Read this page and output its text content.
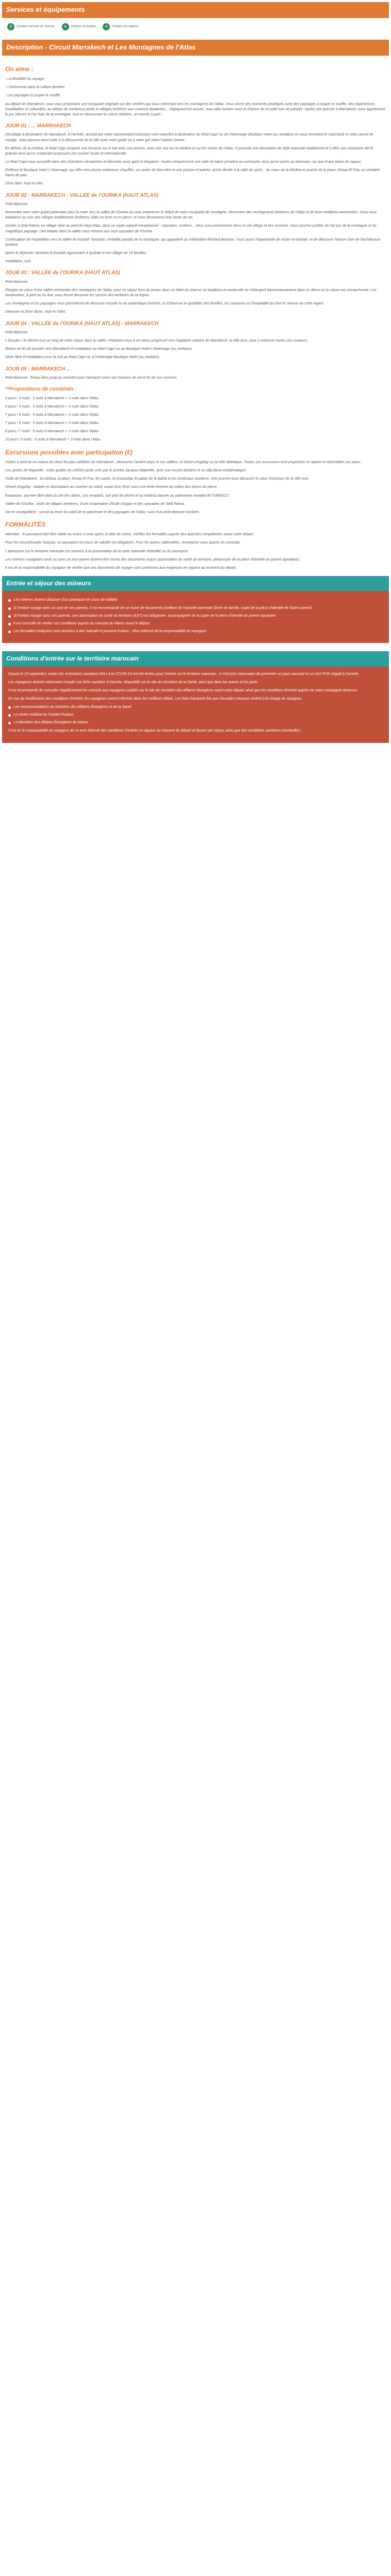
Services et équipements
⚲	Centre remise en forme	✦	Visites incluses	✦	Visites en option
Description - Circuit Marrakech et Les Montagnes de l'Atlas
On aime :

- La flexibilité du voyage

- L'immersion dans la culture berbère

- Les paysages à couper le souffle

Au départ de Marrakech, nous vous proposons une escapade originale sur des sentiers qui vous mèneront vers les montagnes de l'Atlas. Vous vivrez des moments privilégiés avec des paysages à couper le souffle, des expériences inoubliables et culturelles, au détour de nombreux ponts et villages berbères aux couleurs épatantes... Dépaysement assuré, vous allez tomber sous le charme de ce petit coin de paradis ! Après une journée à Marrakech, vous apprécierez le pur silence et l'air frais de la montagne, tout en découvrant la culture berbère, un monde à part !

JOUR 01 : ... MARRAKECH

Décollage à destination de Marrakech. À l'arrivée, accueil par notre représentant local pour votre transfert à destination du Riad Capri ou de l'Hivernage Boutique Hotel (ou similaire) en vous remettant le road book et votre carnet de voyage. Vous pourrez ainsi sortir à la découverte de la ville avec votre guide ou à votre gré selon l'option choisie.

En dehors de la médina, le Riad Capri propose une terrasse sur le toit avec une piscine, avec une vue sur la médina et sur les monts de l'Atlas. Il possède une décoration de style marocain traditionnel et il offre une connexion Wi-Fi gratuite ainsi qu'un restaurant proposant une cuisine locale et internationale.

Le Riad Capri vous accueille dans des chambres climatisées et décorées avec goût et élégance : toutes comprennent une salle de bains privative ou commune, ainsi qu'un accès au hammam, au spa et aux bains de vapeur.

Préférez le Boutique Hotel L'Hivernage, qui offre une piscine extérieure chauffée, un centre de bien-être et une piscine et balnéo, accès illimité à la salle de sport... Au cœur de la Médina et proche de la place Jemaa El Fna, un véritable havre de paix.

Dîner libre. Nuit en ville.

JOUR 02 : MARRAKECH - VALLEE de l'OURIKA (HAUT ATLAS)

Petit-déjeuner.

Rencontre avec votre guide partenaire pour la route vers la vallée de l'Ourika où vous entamerez le début de votre escapade de montagne. Rencontre des montagnards berbères de l'Atlas et de leurs traditions ancestrales. Vous vous baladerez au sein des villages traditionnels berbères, bâtis en terre et en pierre, et vous découvrirez leur mode de vie.

Arrivée à Setti Fatma, un village situé au pied du Haut Atlas, dans un cadre naturel exceptionnel : cascades, sentiers... Vous vous promènerez dans ce joli village et ses environs. Vous pourrez profiter de l'air pur de la montagne et du magnifique paysage. Une balade dans la vallée vous mènera aux sept cascades de l'Ourika.

Continuation de l'expédition vers la vallée de Kasbah Tamadot, véritable paradis de la montagne, qui appartient au milliardaire Richard Branson. Vous aurez l'opportunité de visiter la Kasbah, et de découvrir l'œuvre d'art de l'architecture berbère.

Après le déjeuner, direction la Kasbah Agounsane à Ijoukak et son village de 15 familles.

Installation, nuit.

JOUR 03 : VALLÉE de l'OURIKA (HAUT ATLAS)

Petit-déjeuner.

Plongez au cœur d'une vallée enchantée des montagnes de l'Atlas, pour un séjour hors du temps dans un hôtel de charme où traditions et modernité se mélangent harmonieusement dans un décor où la nature est omniprésente. Les randonnées, à pied ou en 4x4, vous feront découvrir les secrets des berbères de la région.

Les montagnes et les paysages vous permettront de découvrir ensuite la vie authentique berbère, et d'observer le quotidien des familles, les coutumes et l'hospitalité qui font le charme de cette région.

Déjeuner et dîner libres. Nuit en hôtel.

JOUR 04 : VALLÉE de l'OURIKA (HAUT ATLAS) - MARRAKECH

Petit-déjeuner.

« Ecoute » le silence tout au long de votre séjour dans la vallée. Préparez-vous à un retour progressif vers l'agitation urbaine de Marrakech, la ville ocre, pour y retrouver toutes ses couleurs.

Retour en fin de journée vers Marrakech et installation au Riad Capri ou au Boutique Hotel L'Hivernage (ou similaire).

Dîner libre et installation pour la nuit au Riad Capri ou à l'Hivernage Boutique Hotel (ou similaire).

JOUR 05 : MARRAKECH ...

Petit-déjeuner. Temps libre jusqu'au transfert pour l'aéroport selon vos horaires de vol et fin de nos services.

**Propositions de combinés :

5 jours / 4 nuits : 2 nuits à Marrakech + 2 nuits dans l'Atlas

6 jours / 5 nuits : 3 nuits à Marrakech + 2 nuits dans l'Atlas

7 jours / 6 nuits : 4 nuits à Marrakech + 2 nuits dans l'Atlas

7 jours / 6 nuits : 3 nuits à Marrakech + 3 nuits dans l'Atlas

8 jours / 7 nuits : 5 nuits à Marrakech + 2 nuits dans l'Atlas

10 jours / 9 nuits : 6 nuits à Marrakech + 3 nuits dans l'Atlas

Excursions possibles avec participation (€)

Visitez à pied ou en voiture les lieux les plus célèbres de Marrakech ; découvrez l'arrière-pays et ses vallées, le désert d'Agafay ou la côte atlantique. Toutes ces excursions sont proposées en option et réservables sur place.

Les jardins de Majorelle : visite guidée du célèbre jardin créé par le peintre Jacques Majorelle, avec son musée berbère et sa villa bleue emblématique.

Visite de Marrakech : la médina, la place Jemaa El Fna, les souks, la Koutoubia, le palais de la Bahia et les tombeaux saadiens. Une journée pour découvrir le cœur historique de la ville ocre.

Désert d'Agafay : balade en dromadaire au coucher du soleil, suivie d'un dîner sous une tente berbère au milieu des dunes de pierre.

Essaouira : journée libre dans la cité des alizés, ses remparts, son port de pêche et sa médina classée au patrimoine mondial de l'UNESCO.

Vallée de l'Ourika : visite de villages berbères, d'une coopérative d'huile d'argan et des cascades de Setti Fatma.

Vol en montgolfière : survol au lever du soleil de la palmeraie et des paysages de l'Atlas, suivi d'un petit-déjeuner berbère.

FORMALITÉS

Attention : le passeport doit être valide au moins 6 mois après la date de retour. Vérifiez les formalités auprès des autorités compétentes avant votre départ.

Pour les ressortissants français, un passeport en cours de validité est obligatoire. Pour les autres nationalités, renseignez-vous auprès du consulat.

L'admission sur le territoire marocain est soumise à la présentation de la carte nationale d'identité ou du passeport.

Les mineurs voyageant seuls ou avec un seul parent doivent être munis des documents requis (autorisation de sortie du territoire, photocopie de la pièce d'identité du parent signataire).

Il est de la responsabilité du voyageur de vérifier que ses documents de voyage sont conformes aux exigences en vigueur au moment du départ.

Entrée et séjour des mineurs
Les mineurs doivent disposer d'un passeport en cours de validité.
Si l'enfant voyage avec un seul de ses parents, il est recommandé de se munir de documents justifiant de l'autorité parentale (livret de famille, copie de la pièce d'identité de l'autre parent).
Si l'enfant voyage sans ses parents, une autorisation de sortie du territoire (AST) est obligatoire, accompagnée de la copie de la pièce d'identité du parent signataire.
Il est conseillé de vérifier ces conditions auprès du consulat du Maroc avant le départ.
Les formalités indiquées sont données à titre indicatif et peuvent évoluer ; elles relèvent de la responsabilité du voyageur.
Conditions d'entrée sur le territoire marocain

Depuis le 20 septembre, toutes les restrictions sanitaires liées à la COVID-19 ont été levées pour l'entrée sur le territoire marocain : il n'est plus nécessaire de présenter un pass vaccinal ou un test PCR négatif à l'arrivée.

Les voyageurs doivent néanmoins remplir une fiche sanitaire à l'arrivée, disponible sur le site du ministère de la Santé, ainsi que dans les avions et les ports.

Il est recommandé de consulter régulièrement les conseils aux voyageurs publiés sur le site du ministère des Affaires étrangères avant votre départ, ainsi que les conditions d'entrée auprès de votre compagnie aérienne.

En cas de modification des conditions d'entrée, les voyageurs seront informés dans les meilleurs délais. Les frais éventuels liés aux nouvelles mesures restent à la charge du voyageur.

Les recommandations du ministère des Affaires Étrangères et de la Santé.
Le centre médical de l'Institut Pasteur.
Le Ministère des Affaires Étrangères du Maroc.

Il est de la responsabilité du voyageur de se tenir informé des conditions d'entrée en vigueur au moment du départ et durant son séjour, ainsi que des conditions sanitaires éventuelles.
